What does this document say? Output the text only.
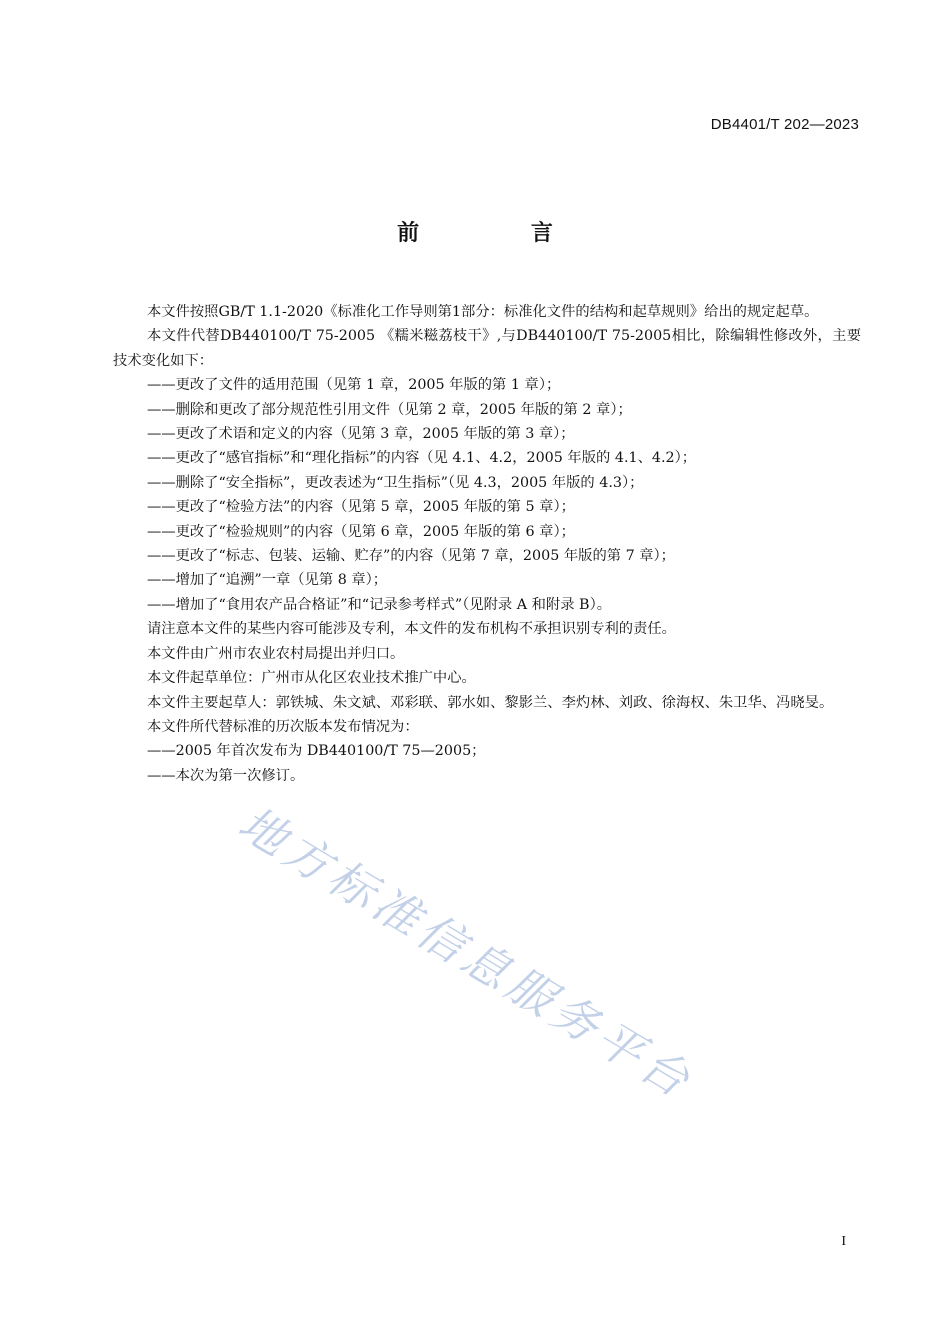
DB4401/T 202—2023
前 言

本文件按照GB/T 1.1-2020《标准化工作导则第1部分：标准化文件的结构和起草规则》给出的规定起草。

本文件代替DB440100/T 75-2005 《糯米糍荔枝干》,与DB440100/T 75-2005相比，除编辑性修改外，主要技术变化如下：

——更改了文件的适用范围（见第 1 章，2005 年版的第 1 章）；

——删除和更改了部分规范性引用文件（见第 2 章，2005 年版的第 2 章）；

——更改了术语和定义的内容（见第 3 章，2005 年版的第 3 章）；

——更改了“感官指标”和“理化指标”的内容（见 4.1、4.2，2005 年版的 4.1、4.2）；

——删除了“安全指标”，更改表述为“卫生指标”（见 4.3，2005 年版的 4.3）；

——更改了“检验方法”的内容（见第 5 章，2005 年版的第 5 章）；

——更改了“检验规则”的内容（见第 6 章，2005 年版的第 6 章）；

——更改了“标志、包装、运输、贮存”的内容（见第 7 章，2005 年版的第 7 章）；

——增加了“追溯”一章（见第 8 章）；

——增加了“食用农产品合格证”和“记录参考样式”（见附录 A 和附录 B）。

请注意本文件的某些内容可能涉及专利，本文件的发布机构不承担识别专利的责任。

本文件由广州市农业农村局提出并归口。

本文件起草单位：广州市从化区农业技术推广中心。

本文件主要起草人：郭铁城、朱文斌、邓彩联、郭水如、黎影兰、李灼林、刘政、徐海权、朱卫华、冯晓旻。

本文件所代替标准的历次版本发布情况为：

——2005 年首次发布为 DB440100/T 75—2005；

——本次为第一次修订。

地方标准信息服务平台
I
